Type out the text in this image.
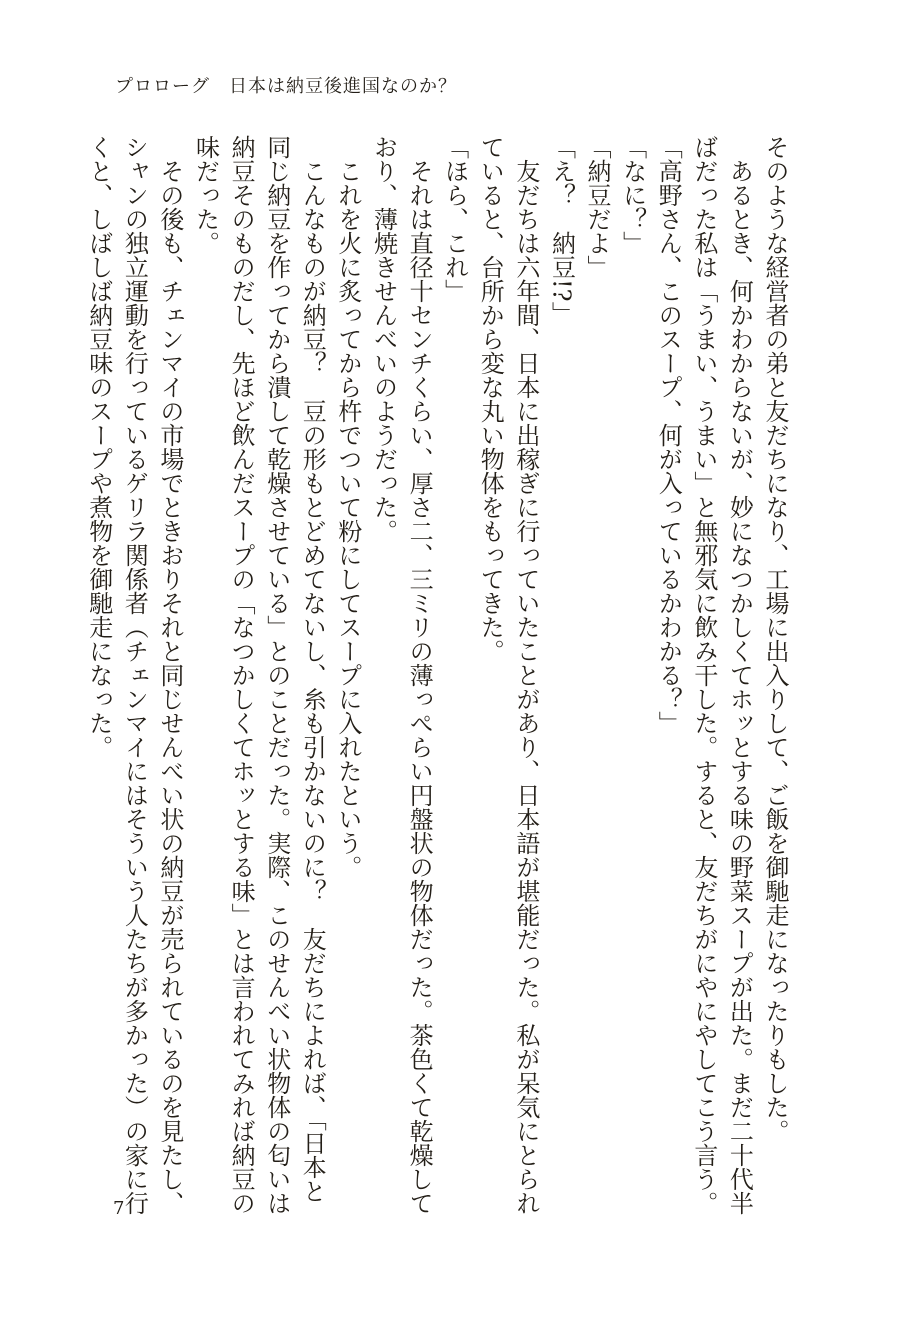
プロローグ　日本は納豆後進国なのか？

そのような経営者の弟と友だちになり、工場に出入りして、ご飯を御馳走になったりもした。

　あるとき、何かわからないが、妙になつかしくてホッとする味の野菜スープが出た。まだ二十代半

ばだった私は「うまい、うまい」と無邪気に飲み干した。すると、友だちがにやにやしてこう言う。

「高野さん、このスープ、何が入っているかわかる？」

「なに？」

「納豆だよ」

「え？　納豆!?」

　友だちは六年間、日本に出稼ぎに行っていたことがあり、日本語が堪能だった。私が呆気にとられ

ていると、台所から変な丸い物体をもってきた。

「ほら、これ」

　それは直径十センチくらい、厚さ二、三ミリの薄っぺらい円盤状の物体だった。茶色くて乾燥して

おり、薄焼きせんべいのようだった。

　これを火に炙ってから杵でついて粉にしてスープに入れたという。

　こんなものが納豆？　豆の形もとどめてないし、糸も引かないのに？　友だちによれば、「日本と

同じ納豆を作ってから潰して乾燥させている」とのことだった。実際、このせんべい状物体の匂いは

納豆そのものだし、先ほど飲んだスープの「なつかしくてホッとする味」とは言われてみれば納豆の

味だった。

　その後も、チェンマイの市場でときおりそれと同じせんべい状の納豆が売られているのを見たし、

シャンの独立運動を行っているゲリラ関係者（チェンマイにはそういう人たちが多かった）の家に行

くと、しばしば納豆味のスープや煮物を御馳走になった。

7
